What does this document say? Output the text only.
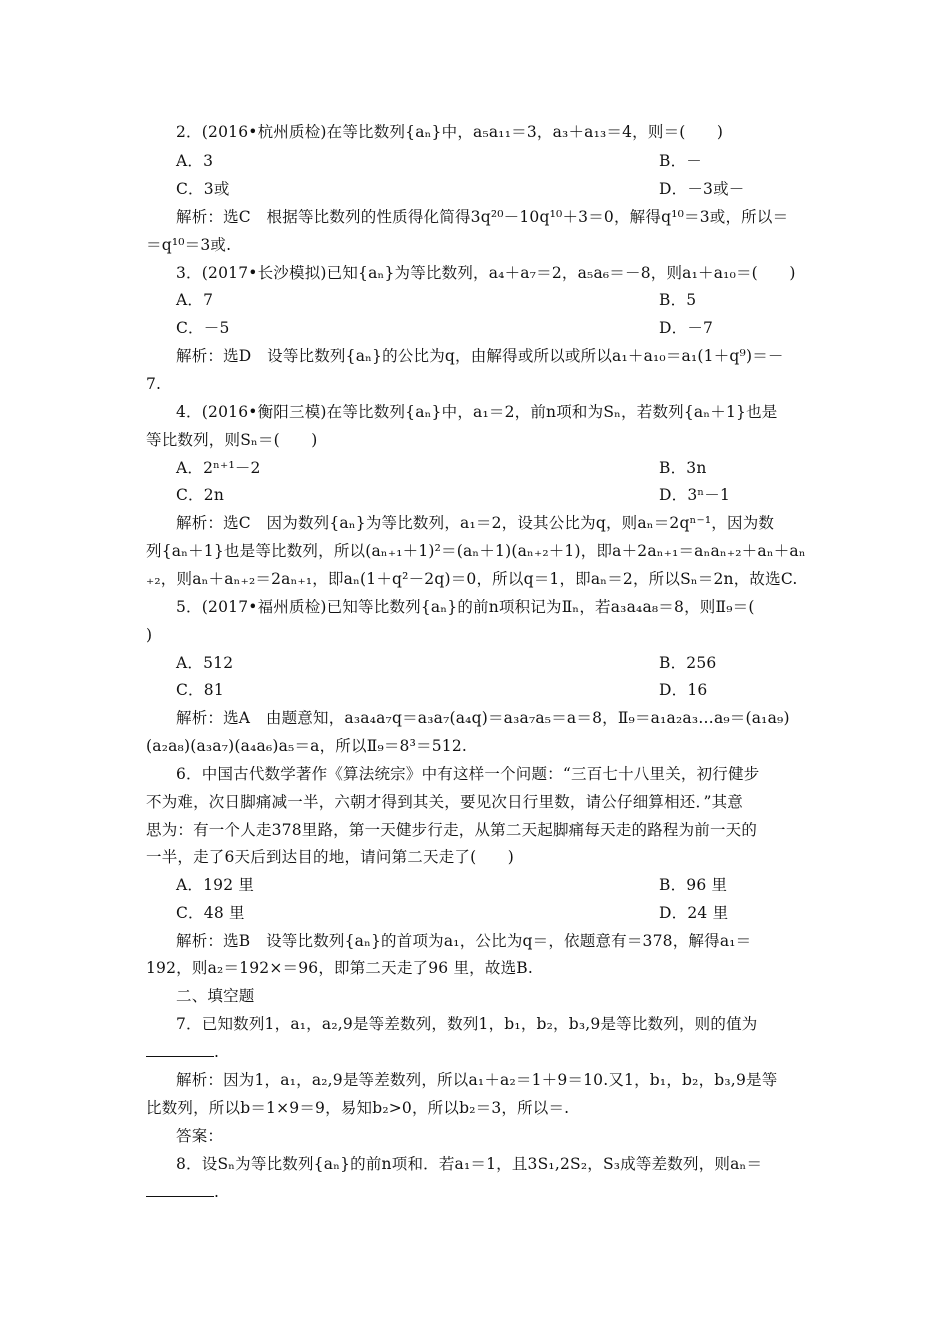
2．(2016•杭州质检)在等比数列{aₙ}中，a₅a₁₁＝3，a₃＋a₁₃＝4，则＝(　　)
A．3	B．－
C．3或	D．－3或－
解析：选C　根据等比数列的性质得化简得3q²⁰－10q¹⁰＋3＝0，解得q¹⁰＝3或，所以＝
＝q¹⁰＝3或.
3．(2017•长沙模拟)已知{aₙ}为等比数列，a₄＋a₇＝2，a₅a₆＝－8，则a₁＋a₁₀＝(　　)
A．7	B．5
C．－5	D．－7
解析：选D　设等比数列{aₙ}的公比为q，由解得或所以或所以a₁＋a₁₀＝a₁(1＋q⁹)＝－
7.
4．(2016•衡阳三模)在等比数列{aₙ}中，a₁＝2，前n项和为Sₙ，若数列{aₙ＋1}也是
等比数列，则Sₙ＝(　　)
A．2ⁿ⁺¹－2	B．3n
C．2n	D．3ⁿ－1
解析：选C　因为数列{aₙ}为等比数列，a₁＝2，设其公比为q，则aₙ＝2qⁿ⁻¹，因为数
列{aₙ＋1}也是等比数列，所以(aₙ₊₁＋1)²＝(aₙ＋1)(aₙ₊₂＋1)，即a＋2aₙ₊₁＝aₙaₙ₊₂＋aₙ＋aₙ
₊₂，则aₙ＋aₙ₊₂＝2aₙ₊₁，即aₙ(1＋q²－2q)＝0，所以q＝1，即aₙ＝2，所以Sₙ＝2n，故选C.
5．(2017•福州质检)已知等比数列{aₙ}的前n项积记为Ⅱₙ，若a₃a₄a₈＝8，则Ⅱ₉＝(
)
A．512	B．256
C．81	D．16
解析：选A　由题意知，a₃a₄a₇q＝a₃a₇(a₄q)＝a₃a₇a₅＝a＝8，Ⅱ₉＝a₁a₂a₃…a₉＝(a₁a₉)
(a₂a₈)(a₃a₇)(a₄a₆)a₅＝a，所以Ⅱ₉＝8³＝512.
6．中国古代数学著作《算法统宗》中有这样一个问题：“三百七十八里关，初行健步
不为难，次日脚痛减一半，六朝才得到其关，要见次日行里数，请公仔细算相还．”其意
思为：有一个人走378里路，第一天健步行走，从第二天起脚痛每天走的路程为前一天的
一半，走了6天后到达目的地，请问第二天走了(　　)
A．192 里	B．96 里
C．48 里	D．24 里
解析：选B　设等比数列{aₙ}的首项为a₁，公比为q＝，依题意有＝378，解得a₁＝
192，则a₂＝192×＝96，即第二天走了96 里，故选B.
二、填空题
7．已知数列1，a₁，a₂,9是等差数列，数列1，b₁，b₂，b₃,9是等比数列，则的值为
.
解析：因为1，a₁，a₂,9是等差数列，所以a₁＋a₂＝1＋9＝10.又1，b₁，b₂，b₃,9是等
比数列，所以b＝1×9＝9，易知b₂>0，所以b₂＝3，所以＝.
答案：
8．设Sₙ为等比数列{aₙ}的前n项和．若a₁＝1，且3S₁,2S₂，S₃成等差数列，则aₙ＝
.
